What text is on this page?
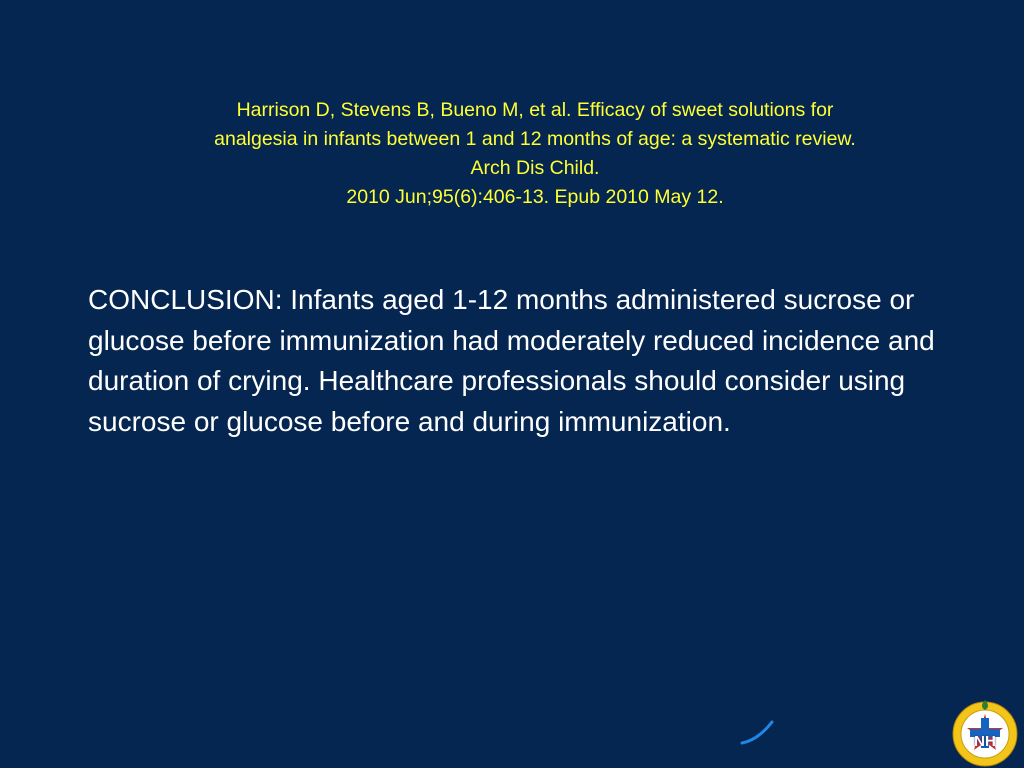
Harrison D, Stevens B, Bueno M, et al. Efficacy of sweet solutions for
analgesia in infants between 1 and 12 months of age: a systematic review.
Arch Dis Child.
2010 Jun;95(6):406-13. Epub 2010 May 12.
CONCLUSION: Infants aged 1-12 months administered sucrose or glucose before immunization had moderately reduced incidence and duration of crying. Healthcare professionals should consider using sucrose or glucose before and during immunization.
NH
